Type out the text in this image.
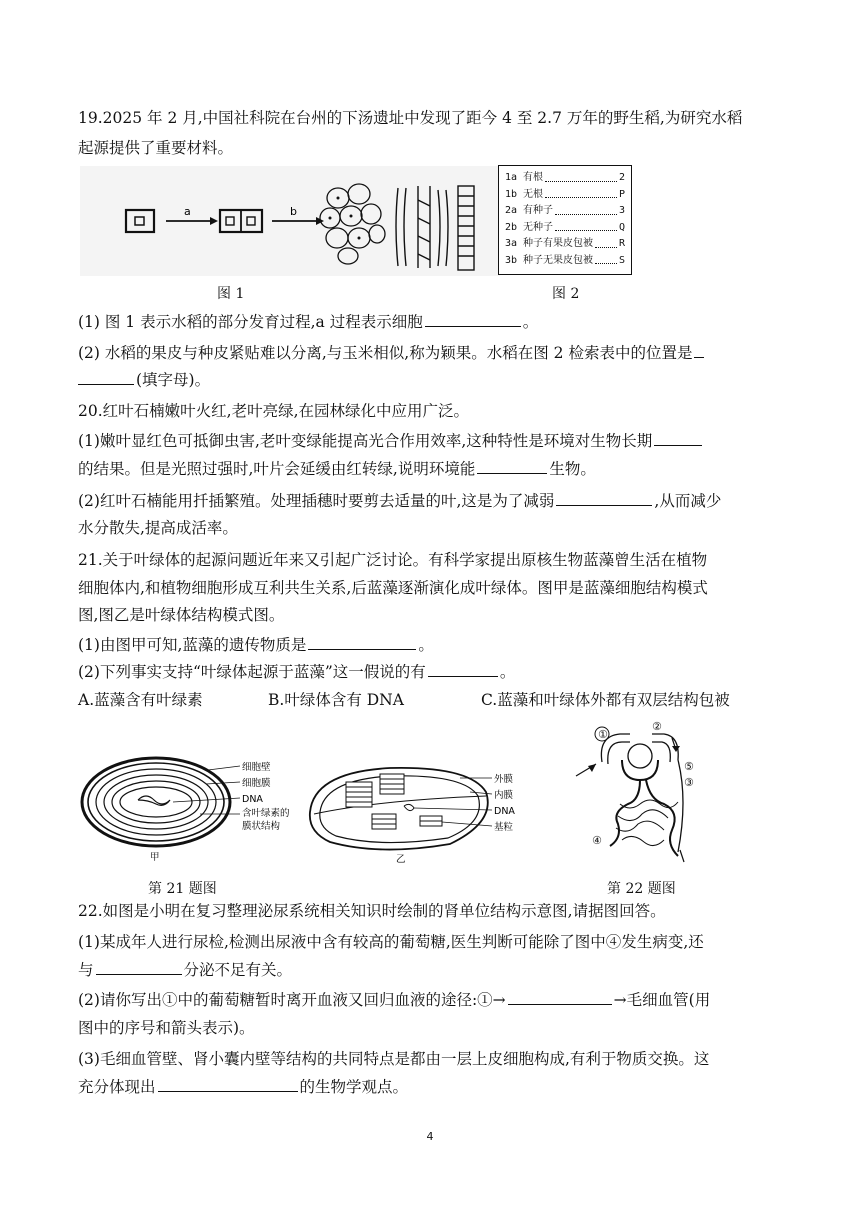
19.2025 年 2 月,中国社科院在台州的下汤遗址中发现了距今 4 至 2.7 万年的野生稻,为研究水稻
起源提供了重要材料。
a	b
图 1
1a 有根	2
1b 无根	P
2a 有种子	3
2b 无种子	Q
3a 种子有果皮包被	R
3b 种子无果皮包被	S
图 2
(1) 图 1 表示水稻的部分发育过程,a 过程表示细胞	。
(2) 水稻的果皮与种皮紧贴难以分离,与玉米相似,称为颖果。水稻在图 2 检索表中的位置是
(填字母)。
20.红叶石楠嫩叶火红,老叶亮绿,在园林绿化中应用广泛。
(1)嫩叶显红色可抵御虫害,老叶变绿能提高光合作用效率,这种特性是环境对生物长期
的结果。但是光照过强时,叶片会延缓由红转绿,说明环境能	生物。
(2)红叶石楠能用扦插繁殖。处理插穗时要剪去适量的叶,这是为了减弱	,从而减少
水分散失,提高成活率。
21.关于叶绿体的起源问题近年来又引起广泛讨论。有科学家提出原核生物蓝藻曾生活在植物
细胞体内,和植物细胞形成互利共生关系,后蓝藻逐渐演化成叶绿体。图甲是蓝藻细胞结构模式
图,图乙是叶绿体结构模式图。
(1)由图甲可知,蓝藻的遗传物质是	。
(2)下列事实支持“叶绿体起源于蓝藻”这一假说的有	。
A.蓝藻含有叶绿素	B.叶绿体含有 DNA	C.蓝藻和叶绿体外都有双层结构包被
细胞壁
细胞膜
DNA
含叶绿素的
膜状结构
甲
外膜
内膜
DNA
基粒
乙
①
②
⑤
③
④
第 21 题图	第 22 题图
22.如图是小明在复习整理泌尿系统相关知识时绘制的肾单位结构示意图,请据图回答。
(1)某成年人进行尿检,检测出尿液中含有较高的葡萄糖,医生判断可能除了图中④发生病变,还
与	分泌不足有关。
(2)请你写出①中的葡萄糖暂时离开血液又回归血液的途径:①→	→毛细血管(用
图中的序号和箭头表示)。
(3)毛细血管壁、肾小囊内壁等结构的共同特点是都由一层上皮细胞构成,有利于物质交换。这
充分体现出	的生物学观点。
4
